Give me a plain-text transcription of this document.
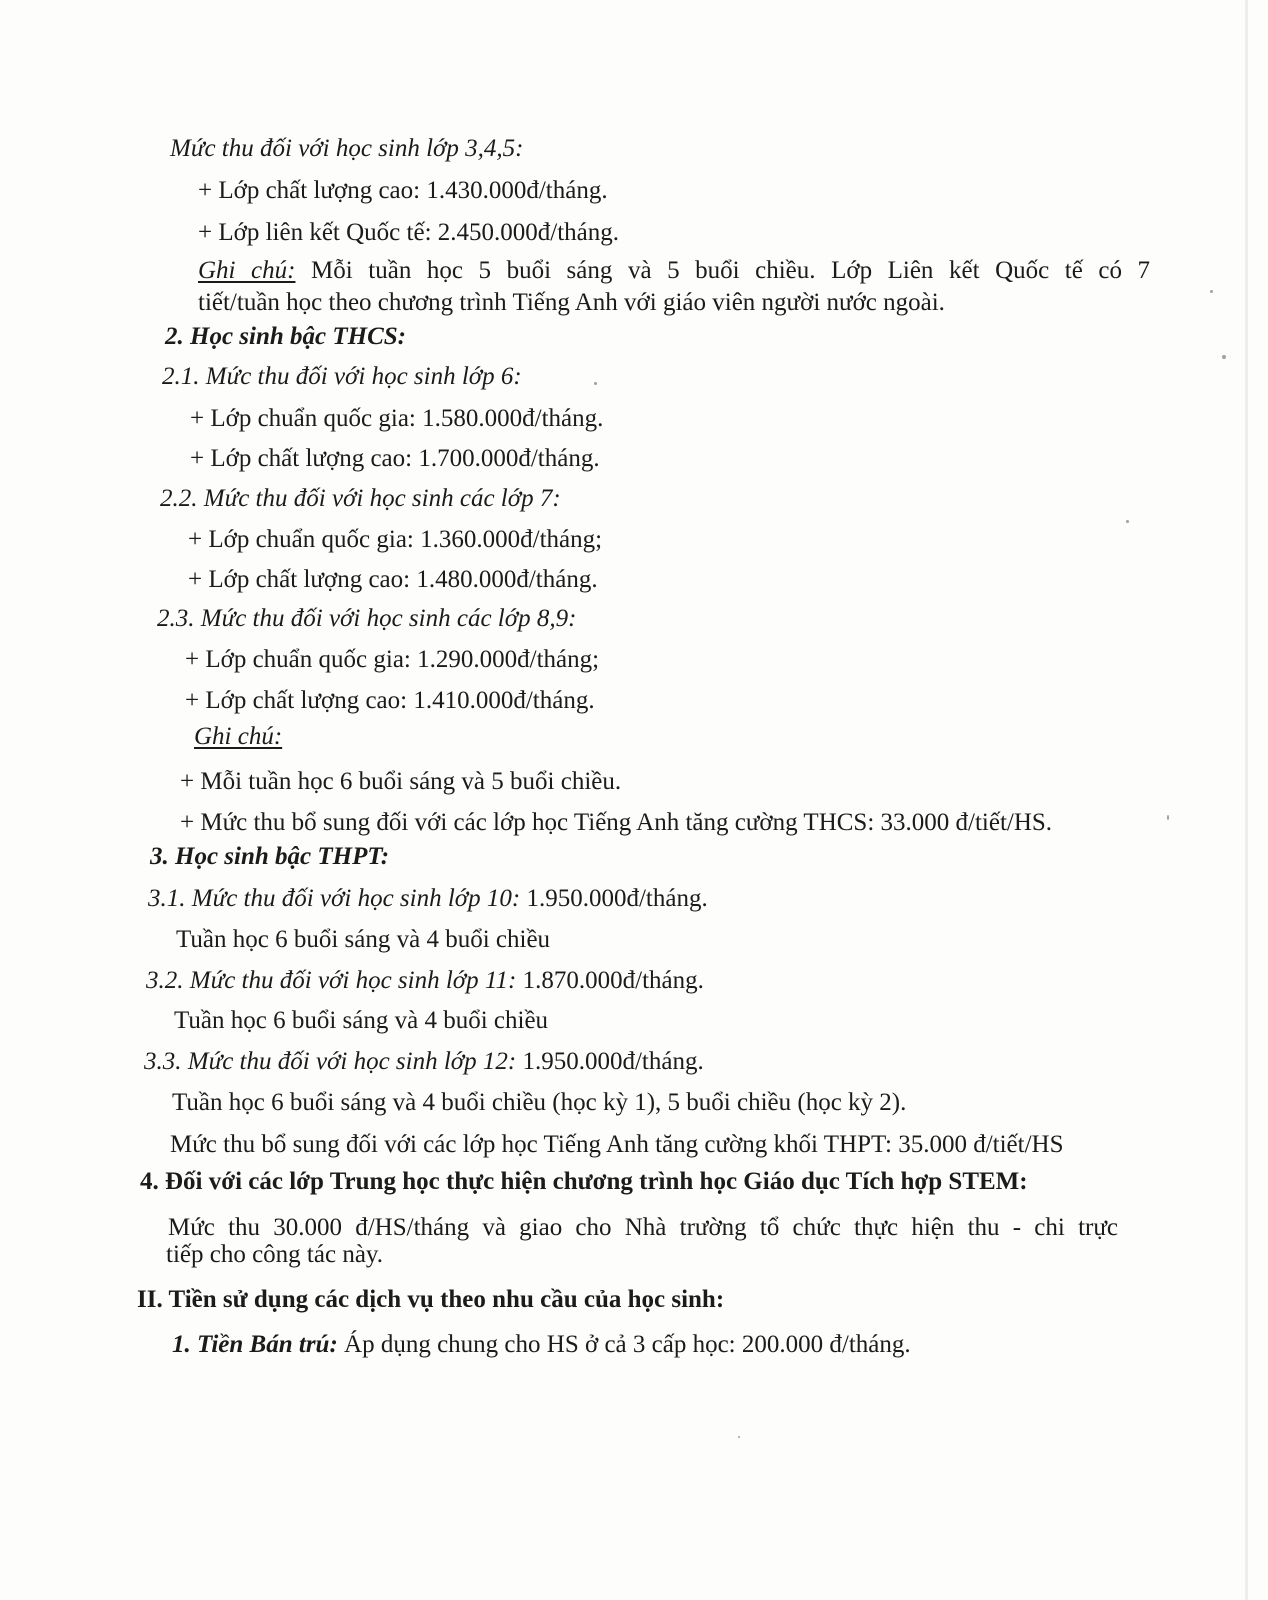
Mức thu đối với học sinh lớp 3,4,5:
+ Lớp chất lượng cao: 1.430.000đ/tháng.
+ Lớp liên kết Quốc tế: 2.450.000đ/tháng.
Ghi chú: Mỗi tuần học 5 buổi sáng và 5 buổi chiều. Lớp Liên kết Quốc tế có 7
tiết/tuần học theo chương trình Tiếng Anh với giáo viên người nước ngoài.
2. Học sinh bậc THCS:
2.1. Mức thu đối với học sinh lớp 6:
+ Lớp chuẩn quốc gia: 1.580.000đ/tháng.
+ Lớp chất lượng cao: 1.700.000đ/tháng.
2.2. Mức thu đối với học sinh các lớp 7:
+ Lớp chuẩn quốc gia: 1.360.000đ/tháng;
+ Lớp chất lượng cao: 1.480.000đ/tháng.
2.3. Mức thu đối với học sinh các lớp 8,9:
+ Lớp chuẩn quốc gia: 1.290.000đ/tháng;
+ Lớp chất lượng cao: 1.410.000đ/tháng.
Ghi chú:
+ Mỗi tuần học 6 buổi sáng và 5 buổi chiều.
+ Mức thu bổ sung đối với các lớp học Tiếng Anh tăng cường THCS: 33.000 đ/tiết/HS.
3. Học sinh bậc THPT:
3.1. Mức thu đối với học sinh lớp 10: 1.950.000đ/tháng.
Tuần học 6 buổi sáng và 4 buổi chiều
3.2. Mức thu đối với học sinh lớp 11: 1.870.000đ/tháng.
Tuần học 6 buổi sáng và 4 buổi chiều
3.3. Mức thu đối với học sinh lớp 12: 1.950.000đ/tháng.
Tuần học 6 buổi sáng và 4 buổi chiều (học kỳ 1), 5 buổi chiều (học kỳ 2).
Mức thu bổ sung đối với các lớp học Tiếng Anh tăng cường khối THPT: 35.000 đ/tiết/HS
4. Đối với các lớp Trung học thực hiện chương trình học Giáo dục Tích hợp STEM:
Mức thu 30.000 đ/HS/tháng và giao cho Nhà trường tổ chức thực hiện thu - chi trực
tiếp cho công tác này.
II. Tiền sử dụng các dịch vụ theo nhu cầu của học sinh:
1. Tiền Bán trú: Áp dụng chung cho HS ở cả 3 cấp học: 200.000 đ/tháng.
